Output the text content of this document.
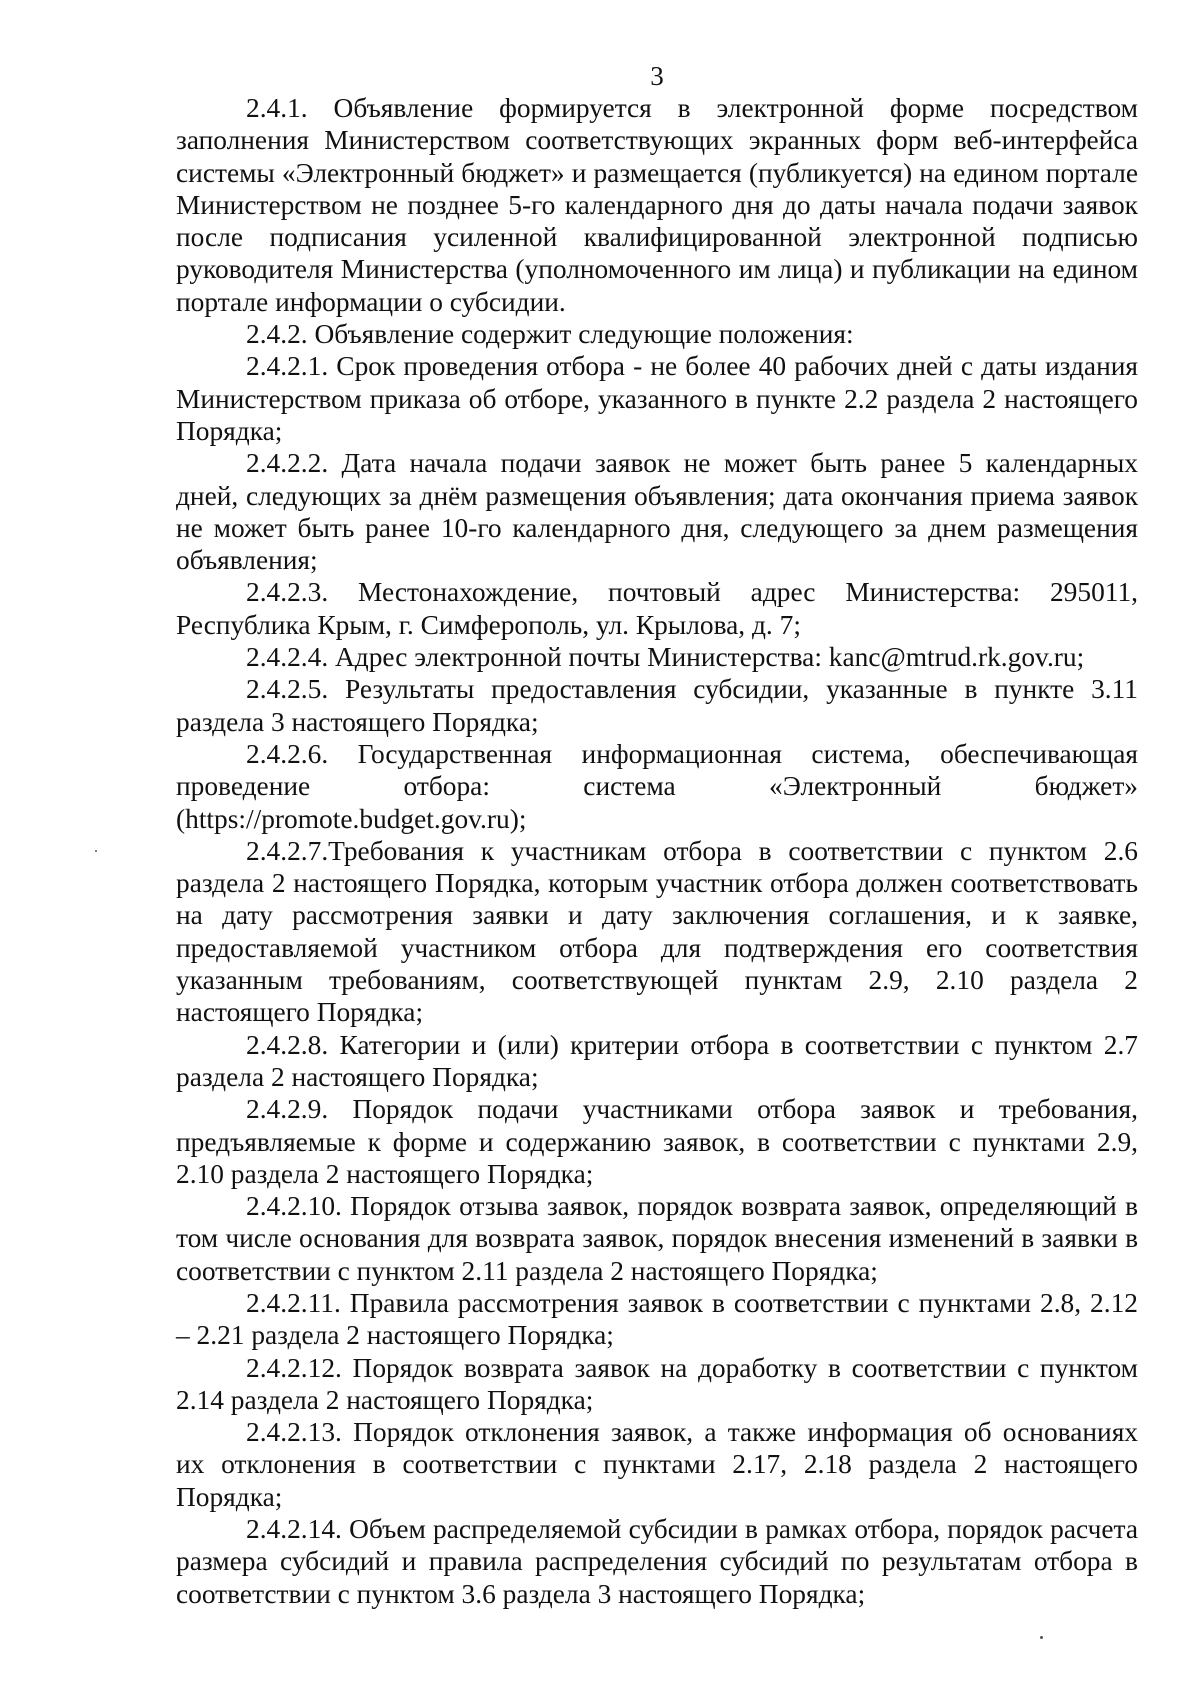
3

2.4.1. Объявление формируется в электронной форме посредством заполнения Министерством соответствующих экранных форм веб-интерфейса системы «Электронный бюджет» и размещается (публикуется) на едином портале Министерством не позднее 5-го календарного дня до даты начала подачи заявок после подписания усиленной квалифицированной электронной подписью руководителя Министерства (уполномоченного им лица) и публикации на едином портале информации о субсидии.

2.4.2. Объявление содержит следующие положения:

2.4.2.1. Срок проведения отбора - не более 40 рабочих дней с даты издания Министерством приказа об отборе, указанного в пункте 2.2 раздела 2 настоящего Порядка;

2.4.2.2. Дата начала подачи заявок не может быть ранее 5 календарных дней, следующих за днём размещения объявления; дата окончания приема заявок не может быть ранее 10-го календарного дня, следующего за днем размещения объявления;

2.4.2.3. Местонахождение, почтовый адрес Министерства: 295011, Республика Крым, г. Симферополь, ул. Крылова, д. 7;

2.4.2.4. Адрес электронной почты Министерства: kanc@mtrud.rk.gov.ru;

2.4.2.5. Результаты предоставления субсидии, указанные в пункте 3.11 раздела 3 настоящего Порядка;

2.4.2.6. Государственная информационная система, обеспечивающая проведение отбора: система «Электронный бюджет» (https://promote.budget.gov.ru);

2.4.2.7.Требования к участникам отбора в соответствии с пунктом 2.6 раздела 2 настоящего Порядка, которым участник отбора должен соответствовать на дату рассмотрения заявки и дату заключения соглашения, и к заявке, предоставляемой участником отбора для подтверждения его соответствия указанным требованиям, соответствующей пунктам 2.9, 2.10 раздела 2 настоящего Порядка;

2.4.2.8. Категории и (или) критерии отбора в соответствии с пунктом 2.7 раздела 2 настоящего Порядка;

2.4.2.9. Порядок подачи участниками отбора заявок и требования, предъявляемые к форме и содержанию заявок, в соответствии с пунктами 2.9, 2.10 раздела 2 настоящего Порядка;

2.4.2.10. Порядок отзыва заявок, порядок возврата заявок, определяющий в том числе основания для возврата заявок, порядок внесения изменений в заявки в соответствии с пунктом 2.11 раздела 2 настоящего Порядка;

2.4.2.11. Правила рассмотрения заявок в соответствии с пунктами 2.8, 2.12 – 2.21 раздела 2 настоящего Порядка;

2.4.2.12. Порядок возврата заявок на доработку в соответствии с пунктом 2.14 раздела 2 настоящего Порядка;

2.4.2.13. Порядок отклонения заявок, а также информация об основаниях их отклонения в соответствии с пунктами 2.17, 2.18 раздела 2 настоящего Порядка;

2.4.2.14. Объем распределяемой субсидии в рамках отбора, порядок расчета размера субсидий и правила распределения субсидий по результатам отбора в соответствии с пунктом 3.6 раздела 3 настоящего Порядка;
